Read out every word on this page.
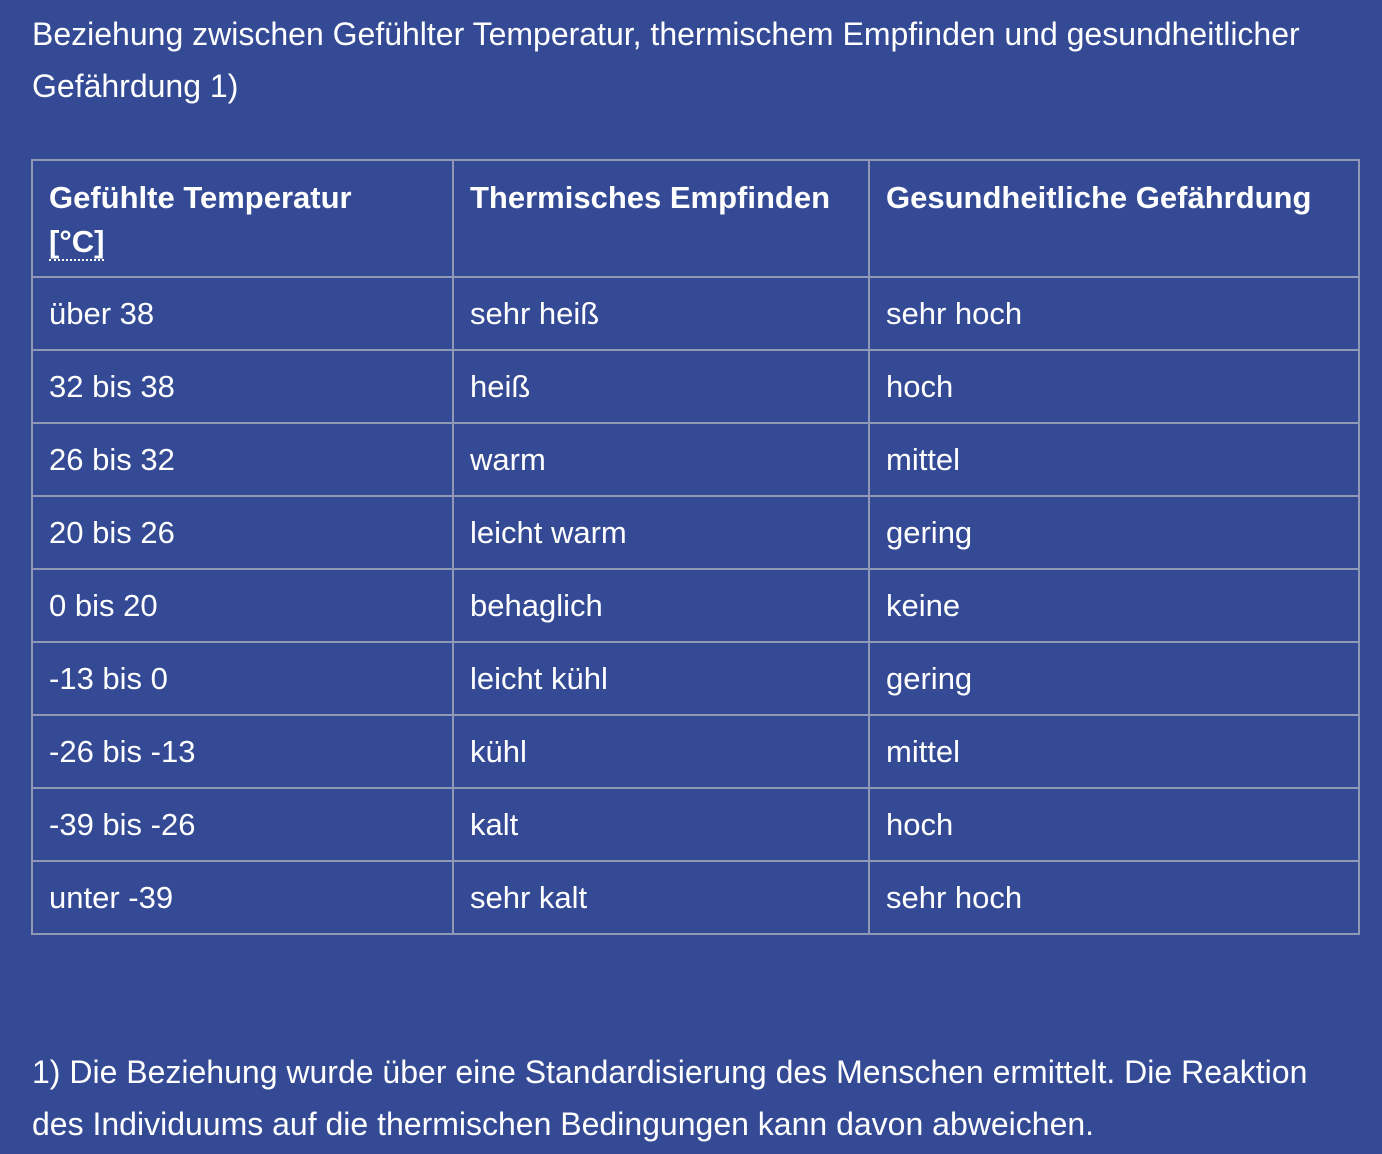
Beziehung zwischen Gefühlter Temperatur, thermischem Empfinden und gesundheitlicher Gefährdung 1)
Gefühlte Temperatur
[°C]	Thermisches Empfinden	Gesundheitliche Gefährdung
über 38	sehr heiß	sehr hoch
32 bis 38	heiß	hoch
26 bis 32	warm	mittel
20 bis 26	leicht warm	gering
0 bis 20	behaglich	keine
-13 bis 0	leicht kühl	gering
-26 bis -13	kühl	mittel
-39 bis -26	kalt	hoch
unter -39	sehr kalt	sehr hoch

1) Die Beziehung wurde über eine Standardisierung des Menschen ermittelt. Die Reaktion des Individuums auf die thermischen Bedingungen kann davon abweichen.
